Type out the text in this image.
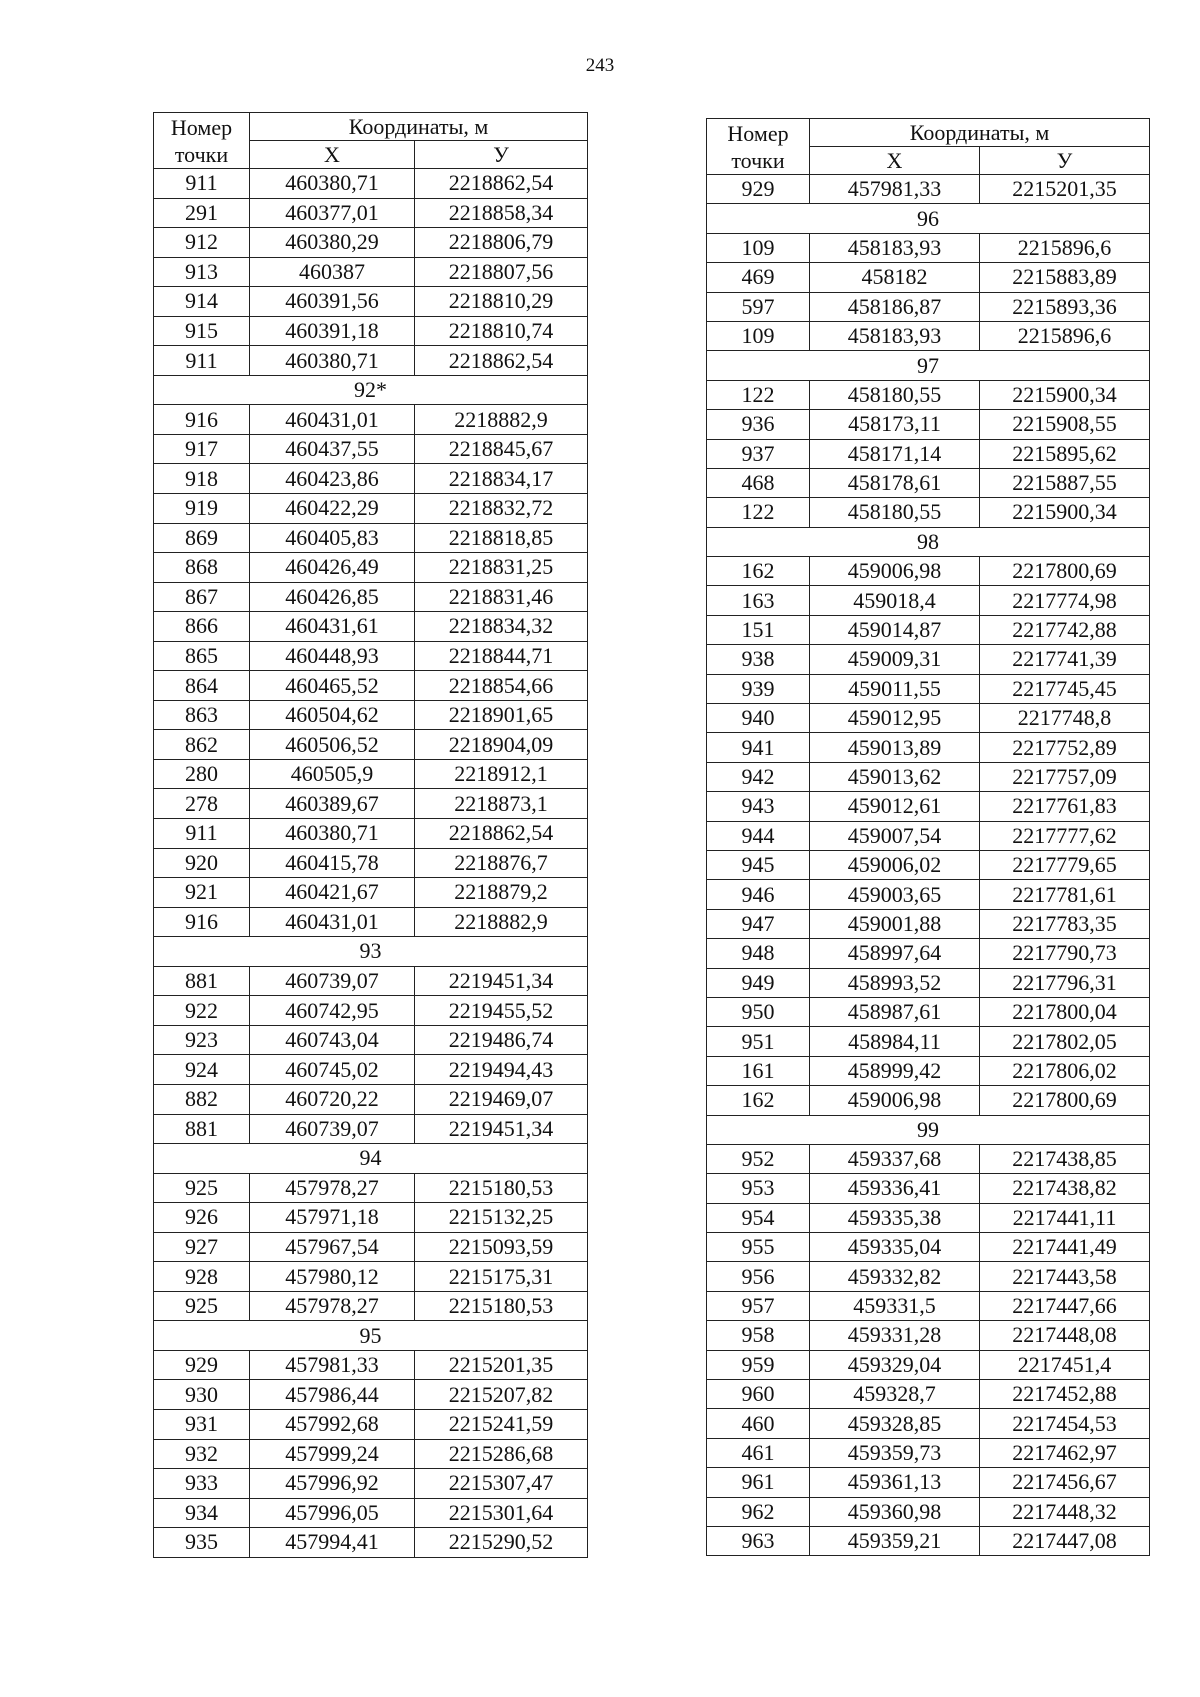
243
Номер
точки	Координаты, м	
	X	У
911	460380,71	2218862,54
291	460377,01	2218858,34
912	460380,29	2218806,79
913	460387	2218807,56
914	460391,56	2218810,29
915	460391,18	2218810,74
911	460380,71	2218862,54
92*		
916	460431,01	2218882,9
917	460437,55	2218845,67
918	460423,86	2218834,17
919	460422,29	2218832,72
869	460405,83	2218818,85
868	460426,49	2218831,25
867	460426,85	2218831,46
866	460431,61	2218834,32
865	460448,93	2218844,71
864	460465,52	2218854,66
863	460504,62	2218901,65
862	460506,52	2218904,09
280	460505,9	2218912,1
278	460389,67	2218873,1
911	460380,71	2218862,54
920	460415,78	2218876,7
921	460421,67	2218879,2
916	460431,01	2218882,9
93		
881	460739,07	2219451,34
922	460742,95	2219455,52
923	460743,04	2219486,74
924	460745,02	2219494,43
882	460720,22	2219469,07
881	460739,07	2219451,34
94		
925	457978,27	2215180,53
926	457971,18	2215132,25
927	457967,54	2215093,59
928	457980,12	2215175,31
925	457978,27	2215180,53
95		
929	457981,33	2215201,35
930	457986,44	2215207,82
931	457992,68	2215241,59
932	457999,24	2215286,68
933	457996,92	2215307,47
934	457996,05	2215301,64
935	457994,41	2215290,52
Номер
точки	Координаты, м	
	X	У
929	457981,33	2215201,35
96		
109	458183,93	2215896,6
469	458182	2215883,89
597	458186,87	2215893,36
109	458183,93	2215896,6
97		
122	458180,55	2215900,34
936	458173,11	2215908,55
937	458171,14	2215895,62
468	458178,61	2215887,55
122	458180,55	2215900,34
98		
162	459006,98	2217800,69
163	459018,4	2217774,98
151	459014,87	2217742,88
938	459009,31	2217741,39
939	459011,55	2217745,45
940	459012,95	2217748,8
941	459013,89	2217752,89
942	459013,62	2217757,09
943	459012,61	2217761,83
944	459007,54	2217777,62
945	459006,02	2217779,65
946	459003,65	2217781,61
947	459001,88	2217783,35
948	458997,64	2217790,73
949	458993,52	2217796,31
950	458987,61	2217800,04
951	458984,11	2217802,05
161	458999,42	2217806,02
162	459006,98	2217800,69
99		
952	459337,68	2217438,85
953	459336,41	2217438,82
954	459335,38	2217441,11
955	459335,04	2217441,49
956	459332,82	2217443,58
957	459331,5	2217447,66
958	459331,28	2217448,08
959	459329,04	2217451,4
960	459328,7	2217452,88
460	459328,85	2217454,53
461	459359,73	2217462,97
961	459361,13	2217456,67
962	459360,98	2217448,32
963	459359,21	2217447,08
